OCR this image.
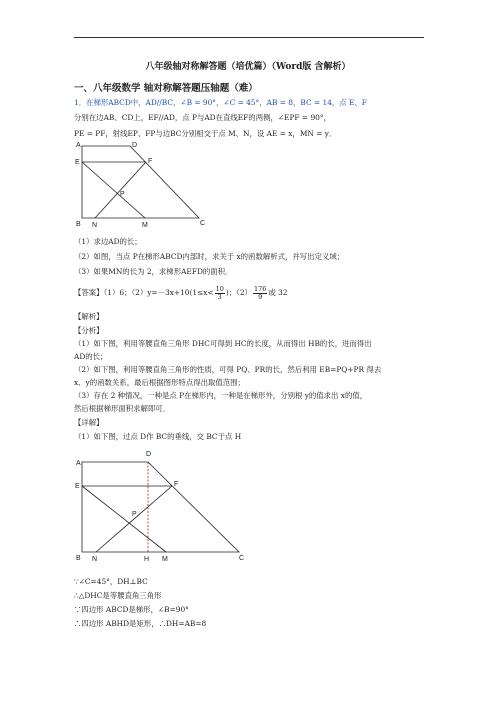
八年级轴对称解答题（培优篇）（Word版 含解析）
一、八年级数学 轴对称解答题压轴题（难）
1．在梯形ABCD中，AD//BC，∠B = 90°，∠C = 45°，AB = 8，BC = 14，点 E、F
分别在边AB、CD上，EF//AD，点 P与AD在直线EF的两侧，∠EPF = 90°，
PE = PF，射线EP、FP与边BC分别相交于点 M、N，设 AE = x，MN = y．
A	D
E	F
P
B N	M	C
（1）求边AD的长；
（2）如图，当点 P在梯形ABCD内部时，求关于 x的函数解析式，并写出定义域；
（3）如果MN的长为 2，求梯形AEFD的面积．
【答案】（1）6；$(2)y=-3x+10(1\le x< \frac{10}{3}$ )；$(2) \frac{176}{9}$ 或 32
【解析】
【分析】
（1）如下图，利用等腰直角三角形 DHC可得到 HC的长度，从而得出 HB的长，进而得出
AD的长；
（2）如下图，利用等腰直角三角形的性质，可得 PQ、PR的长，然后利用 EB=PQ+PR 得去
x、y的函数关系，最后根据图形特点得出取值范围；
（3）存在 2 种情况，一种是点 P在梯形内，一种是在梯形外，分别根 y的值求出 x的值，
然后根据梯形面积求解即可．
【详解】
（1）如下图，过点 D作 BC的垂线，交 BC于点 H
A
D
E	F
P
B N	H M	C
∵∠C=45°，DH⊥BC
∴△DHC是等腰直角三角形
∵四边形 ABCD是梯形，∠B=90°
∴四边形 ABHD是矩形，∴DH=AB=8
